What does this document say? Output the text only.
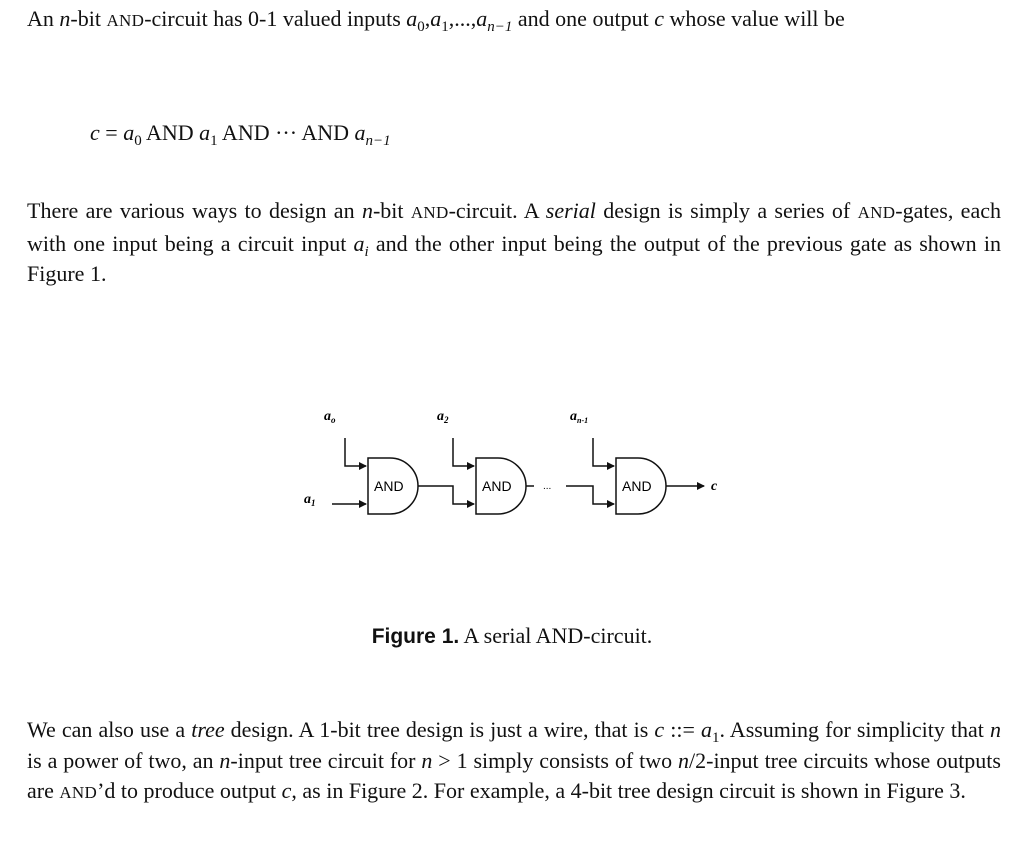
An n-bit AND-circuit has 0-1 valued inputs $a_0,a_1,...,a_{n-1}$ and one output c whose value will be
$c = a_0$ AND $a_1$ AND ··· AND $a_{n-1}$
There are various ways to design an n-bit AND-circuit. A serial design is simply a series of AND-gates, each with one input being a circuit input $a_i$ and the other input being the output of the previous gate as shown in Figure 1.
$a_o$
$a_1$
$a_2$	$a_{n-1}$
AND	AND	...	AND	c
Figure 1. A serial AND-circuit.
We can also use a tree design. A 1-bit tree design is just a wire, that is c ::= $a_1$. Assuming for simplicity that n is a power of two, an n-input tree circuit for n > 1 simply consists of two n/2-input tree circuits whose outputs are AND’d to produce output c, as in Figure 2. For example, a 4-bit tree design circuit is shown in Figure 3.
